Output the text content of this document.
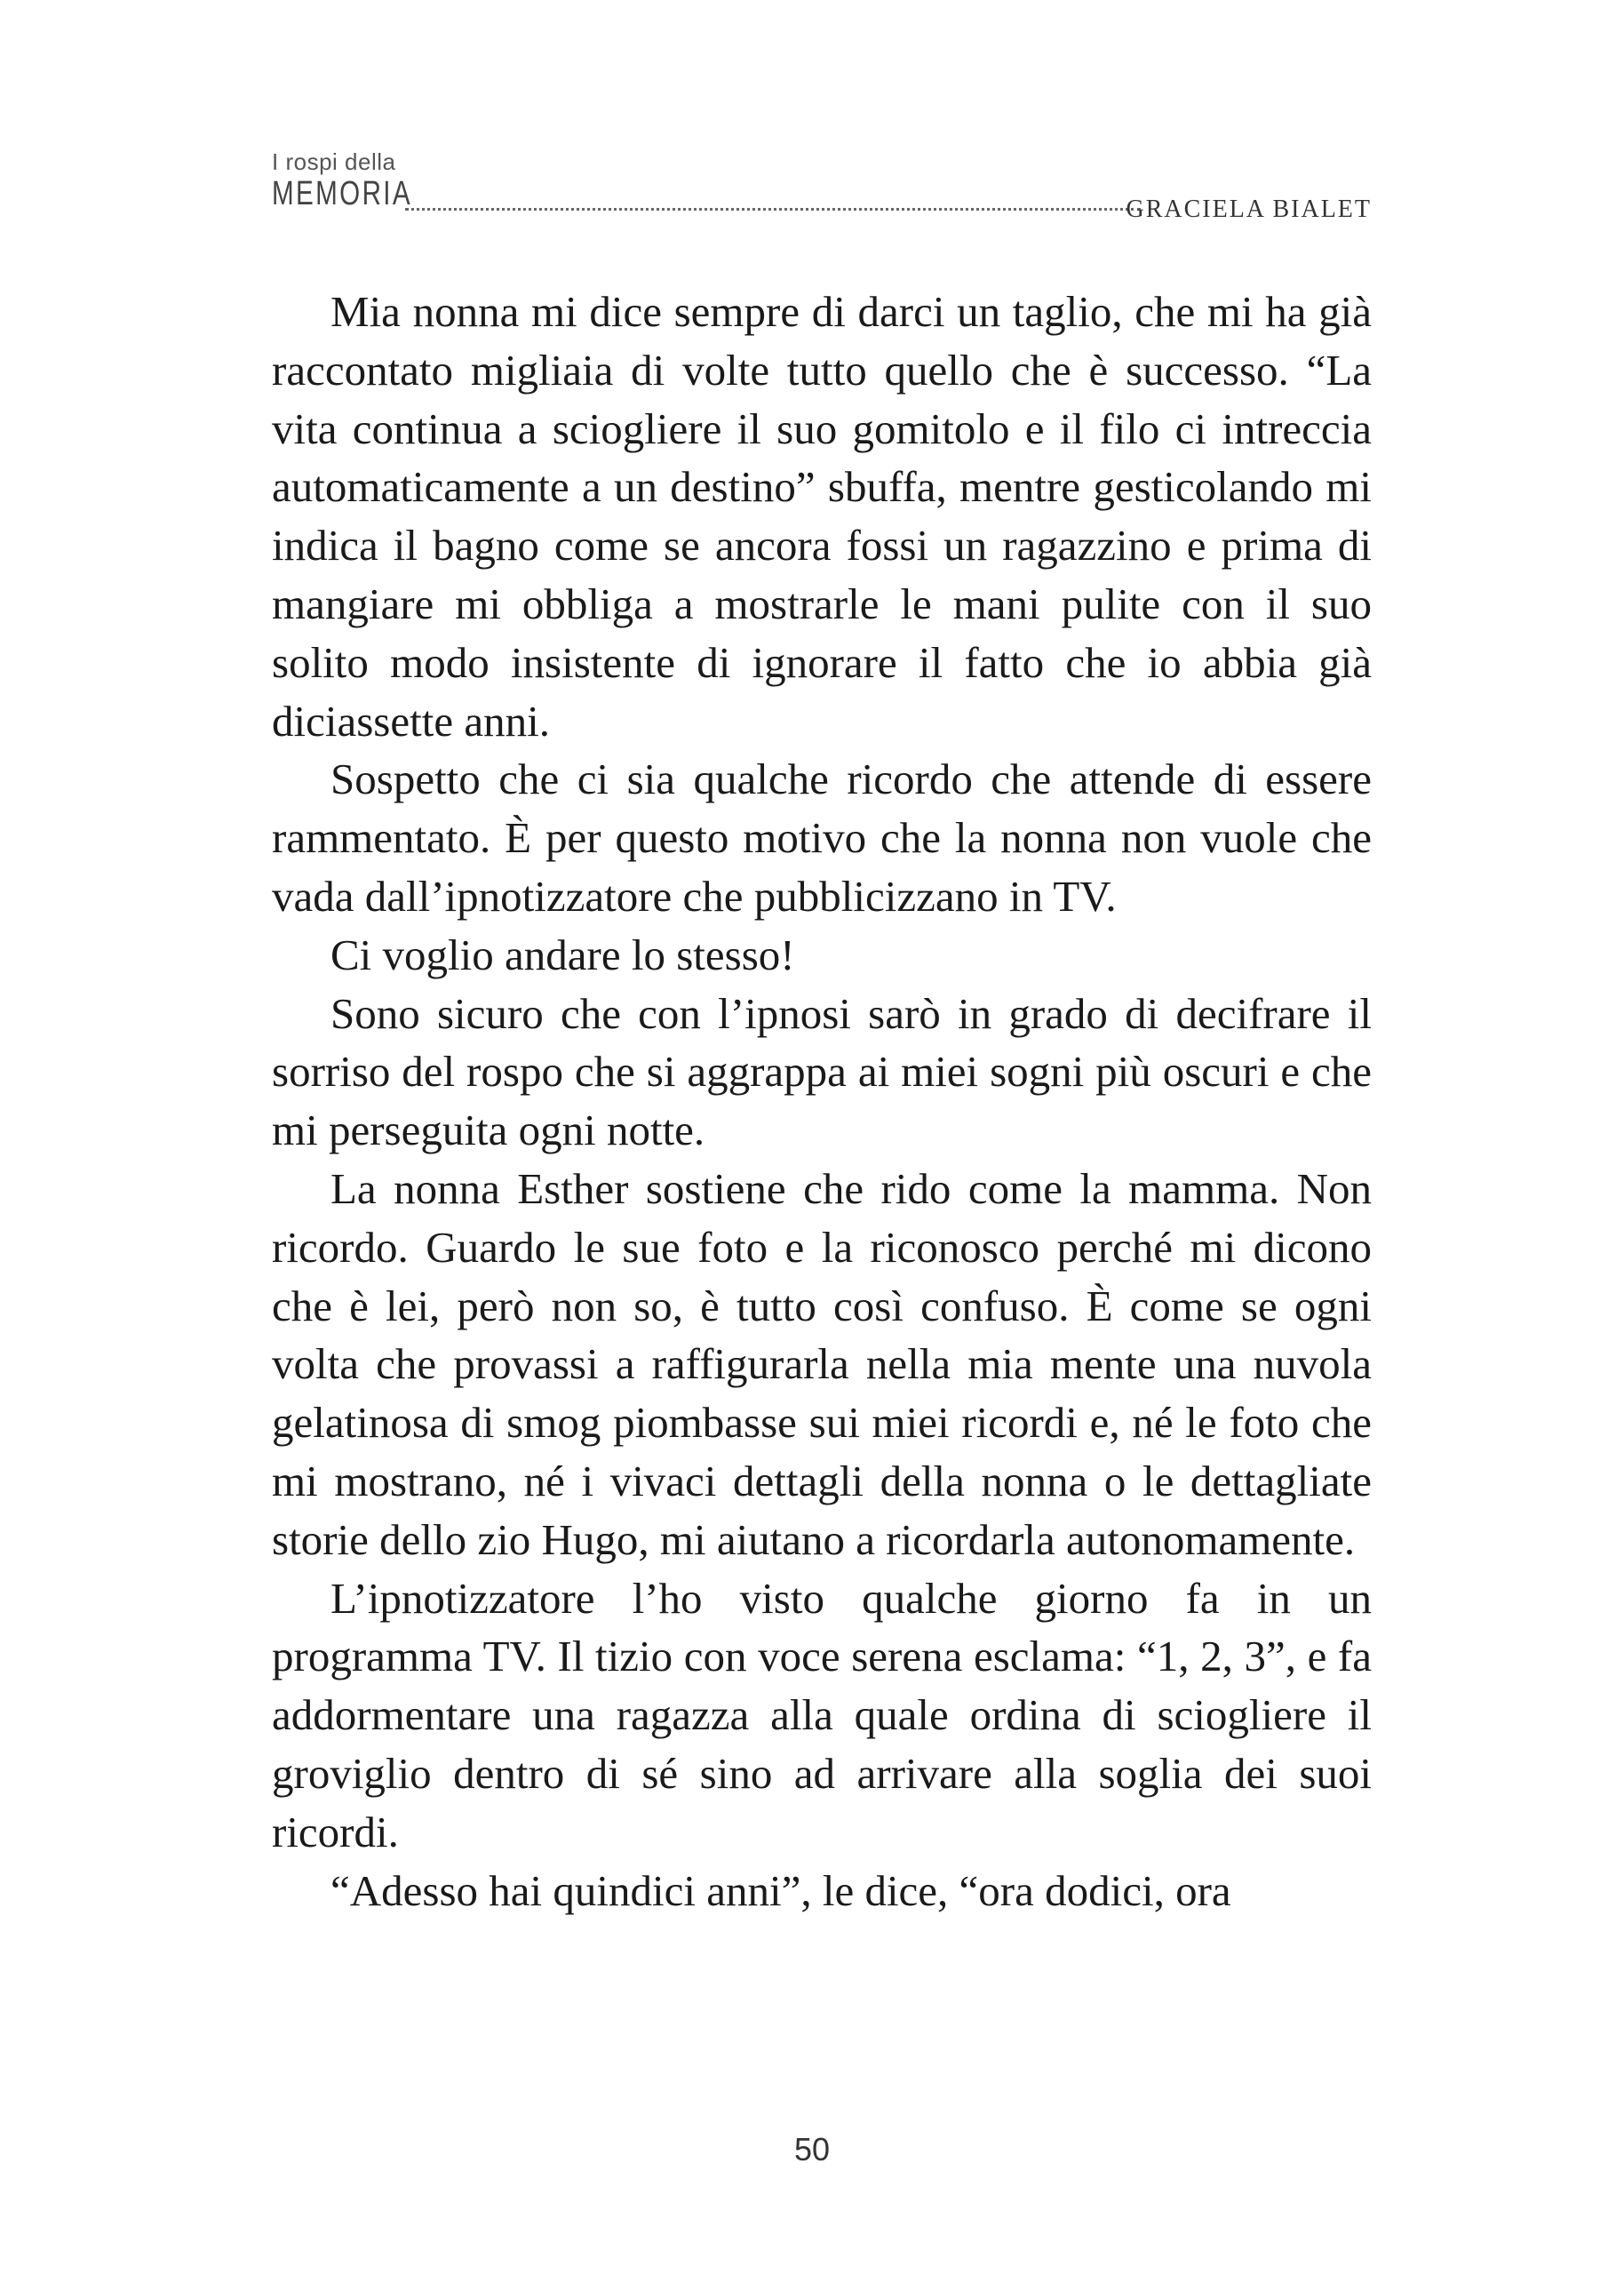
I rospi della
MEMORIA	GRACIELA BIALET

Mia nonna mi dice sempre di darci un taglio, che mi ha già raccontato migliaia di volte tutto quello che è successo. “La vita continua a sciogliere il suo gomitolo e il filo ci intreccia automaticamente a un destino” sbuffa, mentre gesticolando mi indica il bagno come se ancora fossi un ragazzino e prima di mangiare mi obbliga a mostrarle le mani pulite con il suo solito modo insistente di ignorare il fatto che io abbia già diciassette anni.

Sospetto che ci sia qualche ricordo che attende di essere rammentato. È per questo motivo che la nonna non vuole che vada dall’ipnotizzatore che pubblicizzano in TV.

Ci voglio andare lo stesso!

Sono sicuro che con l’ipnosi sarò in grado di decifrare il sorriso del rospo che si aggrappa ai miei sogni più oscuri e che mi perseguita ogni notte.

La nonna Esther sostiene che rido come la mamma. Non ricordo. Guardo le sue foto e la riconosco perché mi dicono che è lei, però non so, è tutto così confuso. È come se ogni volta che provassi a raffigurarla nella mia mente una nuvola gelatinosa di smog piombasse sui miei ricordi e, né le foto che mi mostrano, né i vivaci dettagli della nonna o le dettagliate storie dello zio Hugo, mi aiutano a ricordarla autonomamente.

L’ipnotizzatore l’ho visto qualche giorno fa in un programma TV. Il tizio con voce serena esclama: “1, 2, 3”, e fa addormentare una ragazza alla quale ordina di sciogliere il groviglio dentro di sé sino ad arrivare alla soglia dei suoi ricordi.

“Adesso hai quindici anni”, le dice, “ora dodici, ora

50
